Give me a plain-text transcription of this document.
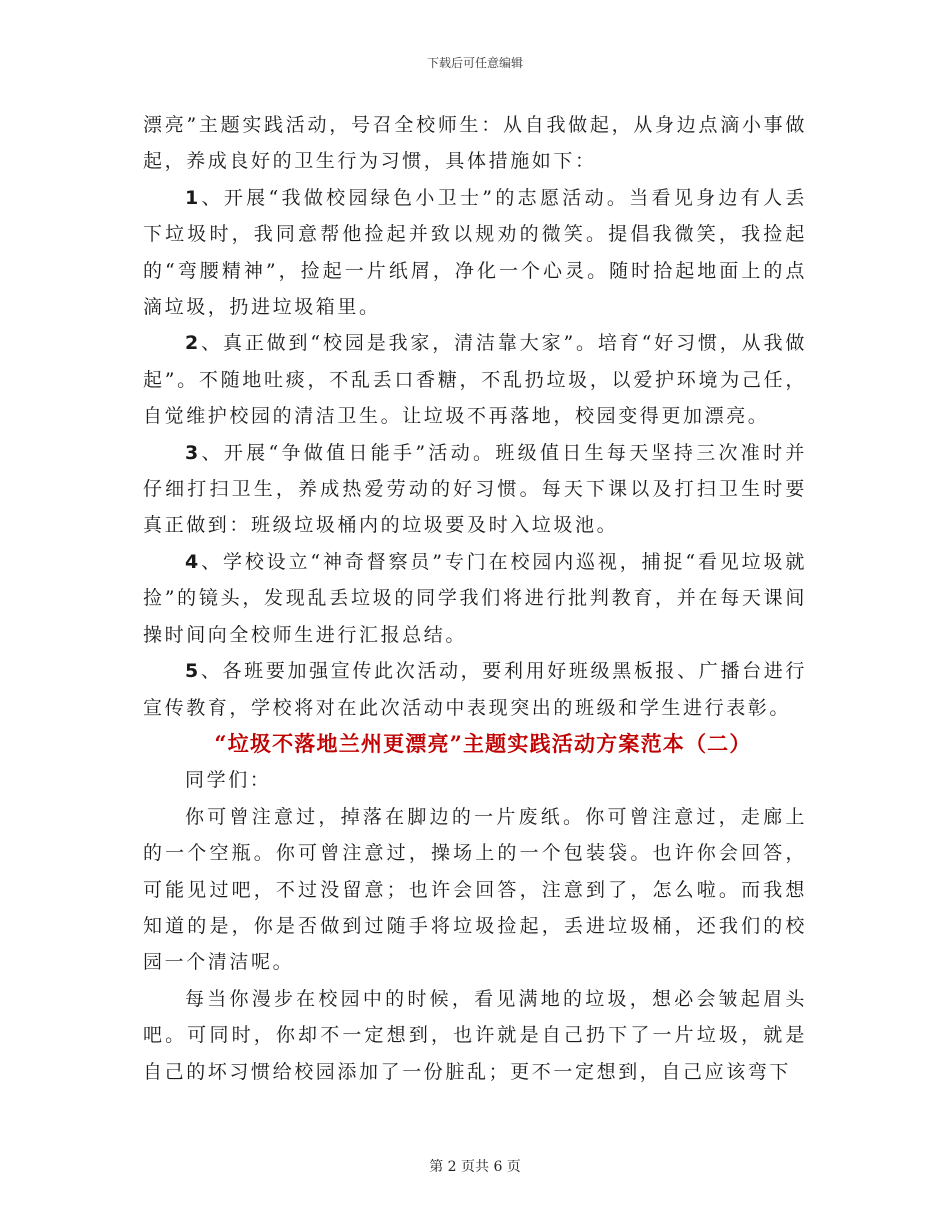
下载后可任意编辑

漂亮”主题实践活动，号召全校师生：从自我做起，从身边点滴小事做起，养成良好的卫生行为习惯，具体措施如下：

1、开展“我做校园绿色小卫士”的志愿活动。当看见身边有人丢下垃圾时，我同意帮他捡起并致以规劝的微笑。提倡我微笑，我捡起的“弯腰精神”，捡起一片纸屑，净化一个心灵。随时拾起地面上的点滴垃圾，扔进垃圾箱里。

2、真正做到“校园是我家，清洁靠大家”。培育“好习惯，从我做起”。不随地吐痰，不乱丢口香糖，不乱扔垃圾，以爱护环境为己任，自觉维护校园的清洁卫生。让垃圾不再落地，校园变得更加漂亮。

3、开展“争做值日能手”活动。班级值日生每天坚持三次准时并仔细打扫卫生，养成热爱劳动的好习惯。每天下课以及打扫卫生时要真正做到：班级垃圾桶内的垃圾要及时入垃圾池。

4、学校设立“神奇督察员”专门在校园内巡视，捕捉“看见垃圾就捡”的镜头，发现乱丢垃圾的同学我们将进行批判教育，并在每天课间操时间向全校师生进行汇报总结。

5、各班要加强宣传此次活动，要利用好班级黑板报、广播台进行宣传教育，学校将对在此次活动中表现突出的班级和学生进行表彰。

“垃圾不落地兰州更漂亮”主题实践活动方案范本（二）

同学们：

你可曾注意过，掉落在脚边的一片废纸。你可曾注意过，走廊上的一个空瓶。你可曾注意过，操场上的一个包装袋。也许你会回答，可能见过吧，不过没留意；也许会回答，注意到了，怎么啦。而我想知道的是，你是否做到过随手将垃圾捡起，丢进垃圾桶，还我们的校园一个清洁呢。

每当你漫步在校园中的时候，看见满地的垃圾，想必会皱起眉头吧。可同时，你却不一定想到，也许就是自己扔下了一片垃圾，就是自己的坏习惯给校园添加了一份脏乱；更不一定想到，自己应该弯下

第 2 页共 6 页
